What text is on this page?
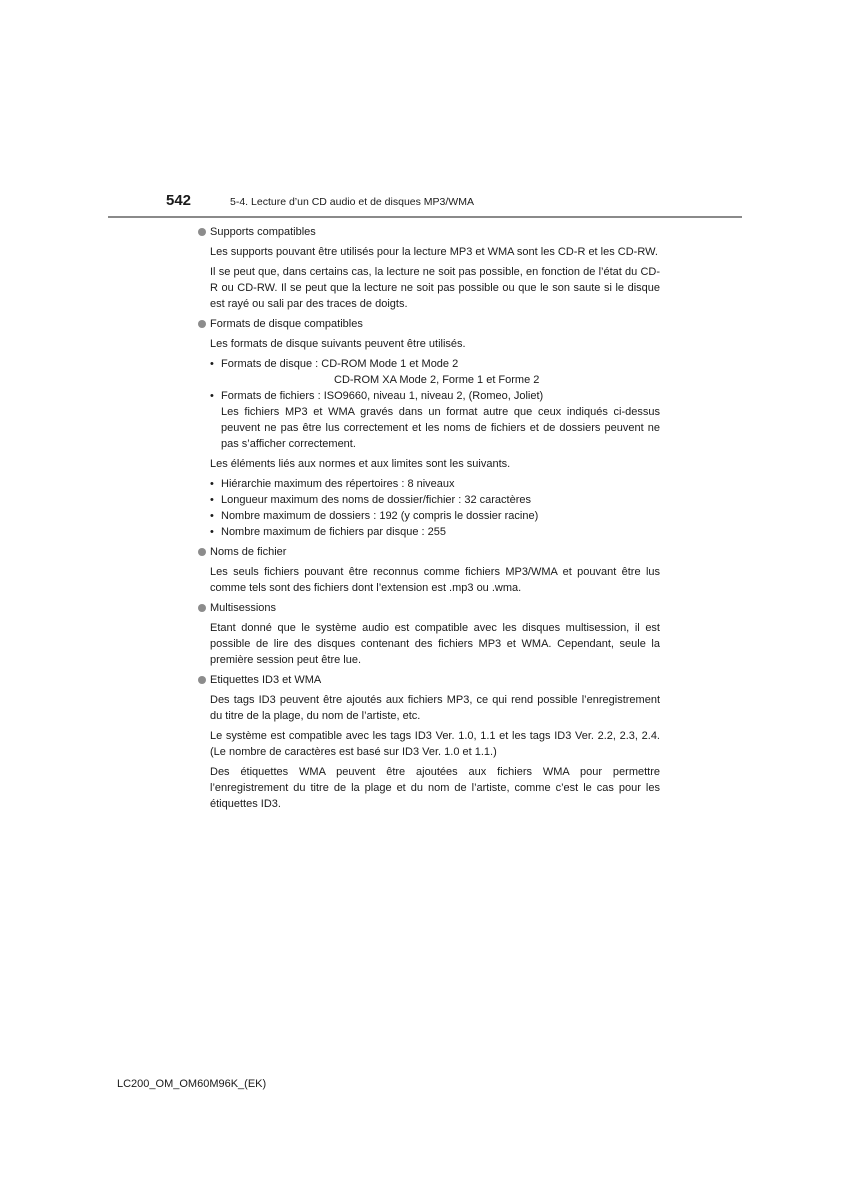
542	5-4. Lecture d’un CD audio et de disques MP3/WMA
Supports compatibles

Les supports pouvant être utilisés pour la lecture MP3 et WMA sont les CD-R et les CD-RW.

Il se peut que, dans certains cas, la lecture ne soit pas possible, en fonction de l’état du CD-R ou CD-RW. Il se peut que la lecture ne soit pas possible ou que le son saute si le disque est rayé ou sali par des traces de doigts.

Formats de disque compatibles

Les formats de disque suivants peuvent être utilisés.

• Formats de disque : CD-ROM Mode 1 et Mode 2
CD-ROM XA Mode 2, Forme 1 et Forme 2
• Formats de fichiers : ISO9660, niveau 1, niveau 2, (Romeo, Joliet)
Les fichiers MP3 et WMA gravés dans un format autre que ceux indiqués ci-dessus peuvent ne pas être lus correctement et les noms de fichiers et de dossiers peuvent ne pas s’afficher correctement.

Les éléments liés aux normes et aux limites sont les suivants.

• Hiérarchie maximum des répertoires : 8 niveaux
• Longueur maximum des noms de dossier/fichier : 32 caractères
• Nombre maximum de dossiers : 192 (y compris le dossier racine)
• Nombre maximum de fichiers par disque : 255
Noms de fichier

Les seuls fichiers pouvant être reconnus comme fichiers MP3/WMA et pouvant être lus comme tels sont des fichiers dont l’extension est .mp3 ou .wma.

Multisessions

Etant donné que le système audio est compatible avec les disques multisession, il est possible de lire des disques contenant des fichiers MP3 et WMA. Cependant, seule la première session peut être lue.

Etiquettes ID3 et WMA

Des tags ID3 peuvent être ajoutés aux fichiers MP3, ce qui rend possible l’enregistrement du titre de la plage, du nom de l’artiste, etc.

Le système est compatible avec les tags ID3 Ver. 1.0, 1.1 et les tags ID3 Ver. 2.2, 2.3, 2.4. (Le nombre de caractères est basé sur ID3 Ver. 1.0 et 1.1.)

Des étiquettes WMA peuvent être ajoutées aux fichiers WMA pour permettre l’enregistrement du titre de la plage et du nom de l’artiste, comme c’est le cas pour les étiquettes ID3.

LC200_OM_OM60M96K_(EK)
